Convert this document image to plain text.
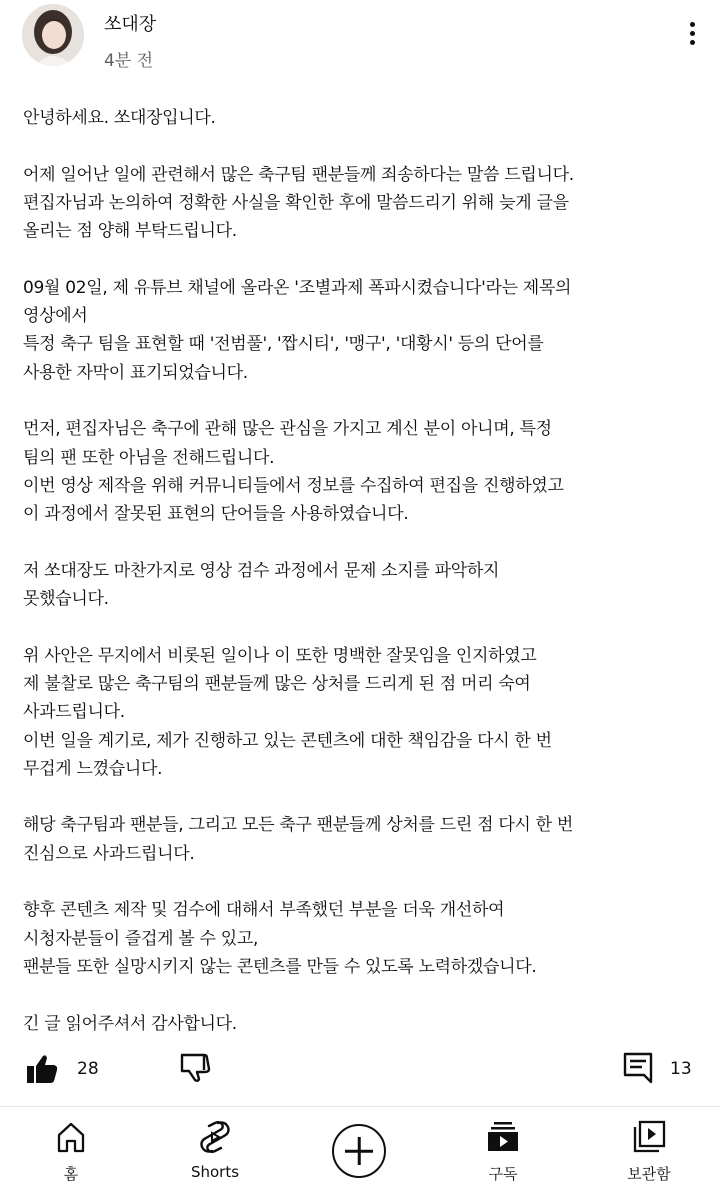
쏘대장
4분 전

안녕하세요. 쏘대장입니다.

어제 일어난 일에 관련해서 많은 축구팀 팬분들께 죄송하다는 말씀 드립니다.
편집자님과 논의하여 정확한 사실을 확인한 후에 말씀드리기 위해 늦게 글을
올리는 점 양해 부탁드립니다.

09월 02일, 제 유튜브 채널에 올라온 '조별과제 폭파시켰습니다'라는 제목의
영상에서
특정 축구 팀을 표현할 때 '전범풀', '짭시티', '맹구', '대황시' 등의 단어를
사용한 자막이 표기되었습니다.

먼저, 편집자님은 축구에 관해 많은 관심을 가지고 계신 분이 아니며, 특정
팀의 팬 또한 아님을 전해드립니다.
이번 영상 제작을 위해 커뮤니티들에서 정보를 수집하여 편집을 진행하였고
이 과정에서 잘못된 표현의 단어들을 사용하였습니다.

저 쏘대장도 마찬가지로 영상 검수 과정에서 문제 소지를 파악하지
못했습니다.

위 사안은 무지에서 비롯된 일이나 이 또한 명백한 잘못임을 인지하였고
제 불찰로 많은 축구팀의 팬분들께 많은 상처를 드리게 된 점 머리 숙여
사과드립니다.
이번 일을 계기로, 제가 진행하고 있는 콘텐츠에 대한 책임감을 다시 한 번
무겁게 느꼈습니다.

해당 축구팀과 팬분들, 그리고 모든 축구 팬분들께 상처를 드린 점 다시 한 번
진심으로 사과드립니다.

향후 콘텐츠 제작 및 검수에 대해서 부족했던 부분을 더욱 개선하여
시청자분들이 즐겁게 볼 수 있고,
팬분들 또한 실망시키지 않는 콘텐츠를 만들 수 있도록 노력하겠습니다.

긴 글 읽어주셔서 감사합니다.

28	13
홈	Shorts	구독	보관함
